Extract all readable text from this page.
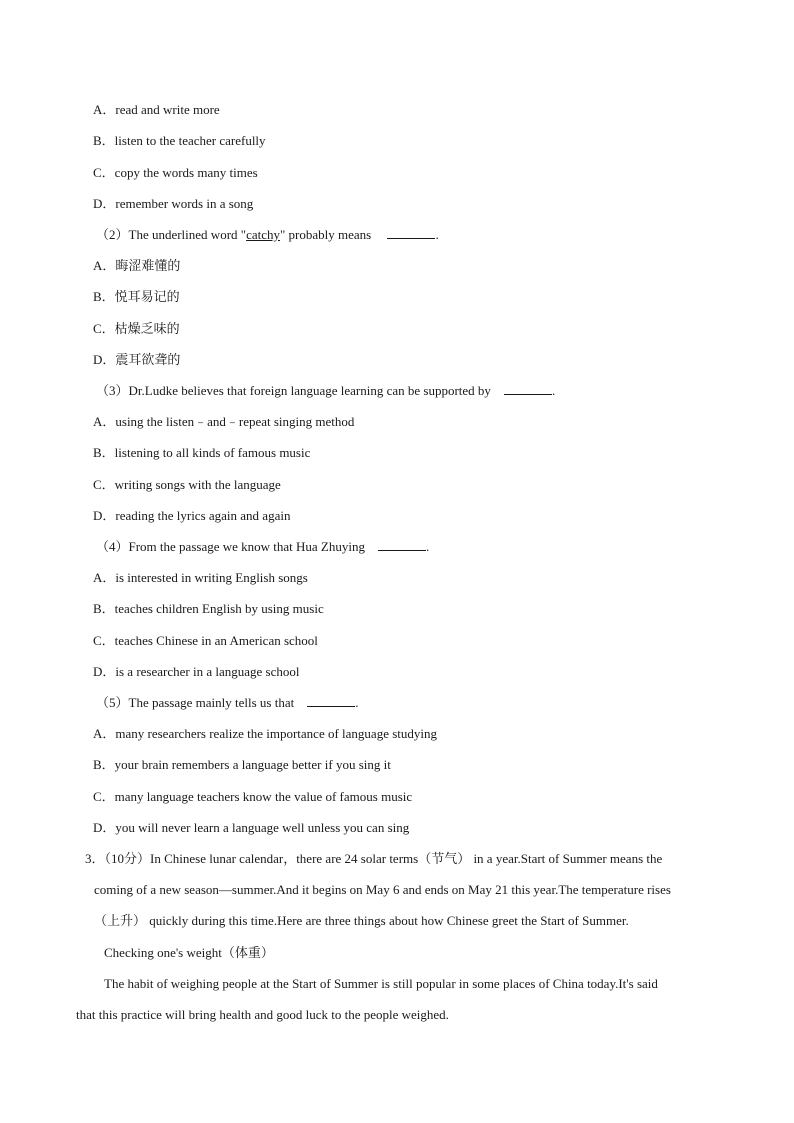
A．read and write more
B．listen to the teacher carefully
C．copy the words many times
D．remember words in a song
（2）The underlined word "catchy" probably means	.
A．晦涩难懂的
B．悦耳易记的
C．枯燥乏味的
D．震耳欲聋的
（3）Dr.Ludke believes that foreign language learning can be supported by	.
A．using the listen﹣and﹣repeat singing method
B．listening to all kinds of famous music
C．writing songs with the language
D．reading the lyrics again and again
（4）From the passage we know that Hua Zhuying	.
A．is interested in writing English songs
B．teaches children English by using music
C．teaches Chinese in an American school
D．is a researcher in a language school
（5）The passage mainly tells us that	.
A．many researchers realize the importance of language studying
B．your brain remembers a language better if you sing it
C．many language teachers know the value of famous music
D．you will never learn a language well unless you can sing
3．（10分）In Chinese lunar calendar，there are 24 solar terms（节气） in a year.Start of Summer means the
coming of a new season—summer.And it begins on May 6 and ends on May 21 this year.The temperature rises
（上升） quickly during this time.Here are three things about how Chinese greet the Start of Summer.
Checking one's weight（体重）
The habit of weighing people at the Start of Summer is still popular in some places of China today.It's said
that this practice will bring health and good luck to the people weighed.
